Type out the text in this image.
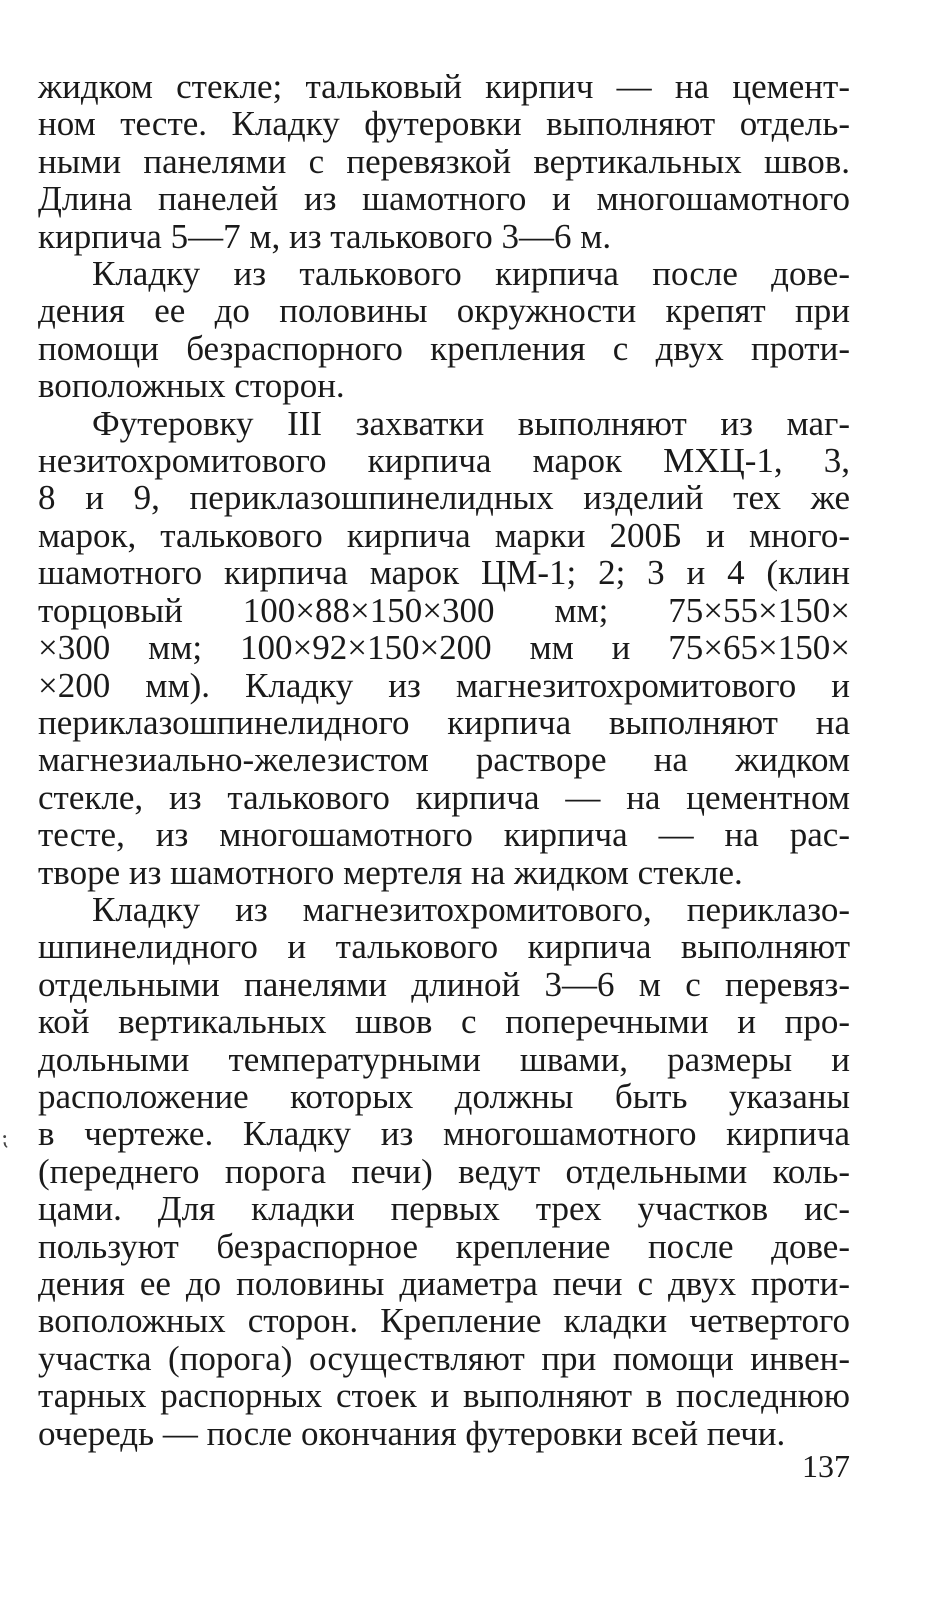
жидком стекле; тальковый кирпич — на цемент-
ном тесте. Кладку футеровки выполняют отдель-
ными панелями с перевязкой вертикальных швов.
Длина панелей из шамотного и многошамотного
кирпича 5—7 м, из талькового 3—6 м.

Кладку из талькового кирпича после дове-
дения ее до половины окружности крепят при
помощи безраспорного крепления с двух проти-
воположных сторон.

Футеровку III захватки выполняют из маг-
незитохромитового кирпича марок МХЦ-1, 3,
8 и 9, периклазошпинелидных изделий тех же
марок, талькового кирпича марки 200Б и много-
шамотного кирпича марок ЦМ-1; 2; 3 и 4 (клин
торцовый 100×88×150×300 мм; 75×55×150×
×300 мм; 100×92×150×200 мм и 75×65×150×
×200 мм). Кладку из магнезитохромитового и
периклазошпинелидного кирпича выполняют на
магнезиально-железистом растворе на жидком
стекле, из талькового кирпича — на цементном
тесте, из многошамотного кирпича — на рас-
творе из шамотного мертеля на жидком стекле.

Кладку из магнезитохромитового, периклазо-
шпинелидного и талькового кирпича выполняют
отдельными панелями длиной 3—6 м с перевяз-
кой вертикальных швов с поперечными и про-
дольными температурными швами, размеры и
расположение которых должны быть указаны
в чертеже. Кладку из многошамотного кирпича
(переднего порога печи) ведут отдельными коль-
цами. Для кладки первых трех участков ис-
пользуют безраспорное крепление после дове-
дения ее до половины диаметра печи с двух проти-
воположных сторон. Крепление кладки четвертого
участка (порога) осуществляют при помощи инвен-
тарных распорных стоек и выполняют в последнюю
очередь — после окончания футеровки всей печи.

⁏
137
